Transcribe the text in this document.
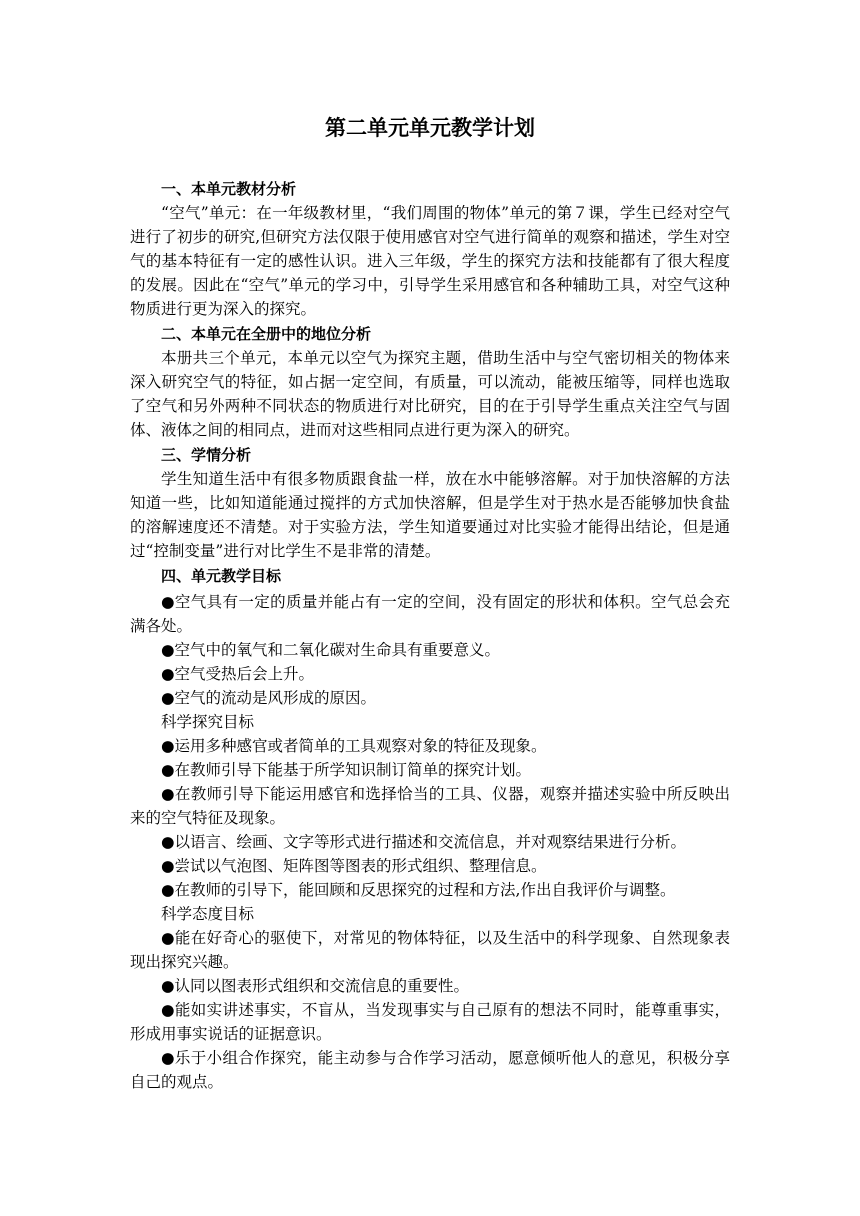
第二单元单元教学计划
一、本单元教材分析

“空气”单元：在一年级教材里，“我们周围的物体”单元的第７课，学生已经对空气进行了初步的研究,但研究方法仅限于使用感官对空气进行简单的观察和描述，学生对空气的基本特征有一定的感性认识。进入三年级，学生的探究方法和技能都有了很大程度的发展。因此在“空气”单元的学习中，引导学生采用感官和各种辅助工具，对空气这种物质进行更为深入的探究。

二、本单元在全册中的地位分析

本册共三个单元，本单元以空气为探究主题，借助生活中与空气密切相关的物体来深入研究空气的特征，如占据一定空间，有质量，可以流动，能被压缩等，同样也选取了空气和另外两种不同状态的物质进行对比研究，目的在于引导学生重点关注空气与固体、液体之间的相同点，进而对这些相同点进行更为深入的研究。

三、学情分析

学生知道生活中有很多物质跟食盐一样，放在水中能够溶解。对于加快溶解的方法知道一些，比如知道能通过搅拌的方式加快溶解，但是学生对于热水是否能够加快食盐的溶解速度还不清楚。对于实验方法，学生知道要通过对比实验才能得出结论，但是通过“控制变量”进行对比学生不是非常的清楚。

四、单元教学目标

●空气具有一定的质量并能占有一定的空间，没有固定的形状和体积。空气总会充满各处。

●空气中的氧气和二氧化碳对生命具有重要意义。

●空气受热后会上升。

●空气的流动是风形成的原因。

科学探究目标

●运用多种感官或者简单的工具观察对象的特征及现象。

●在教师引导下能基于所学知识制订简单的探究计划。

●在教师引导下能运用感官和选择恰当的工具、仪器，观察并描述实验中所反映出来的空气特征及现象。

●以语言、绘画、文字等形式进行描述和交流信息，并对观察结果进行分析。

●尝试以气泡图、矩阵图等图表的形式组织、整理信息。

●在教师的引导下，能回顾和反思探究的过程和方法,作出自我评价与调整。

科学态度目标

●能在好奇心的驱使下，对常见的物体特征，以及生活中的科学现象、自然现象表现出探究兴趣。

●认同以图表形式组织和交流信息的重要性。

●能如实讲述事实，不盲从，当发现事实与自己原有的想法不同时，能尊重事实，形成用事实说话的证据意识。

●乐于小组合作探究，能主动参与合作学习活动，愿意倾听他人的意见，积极分享自己的观点。
